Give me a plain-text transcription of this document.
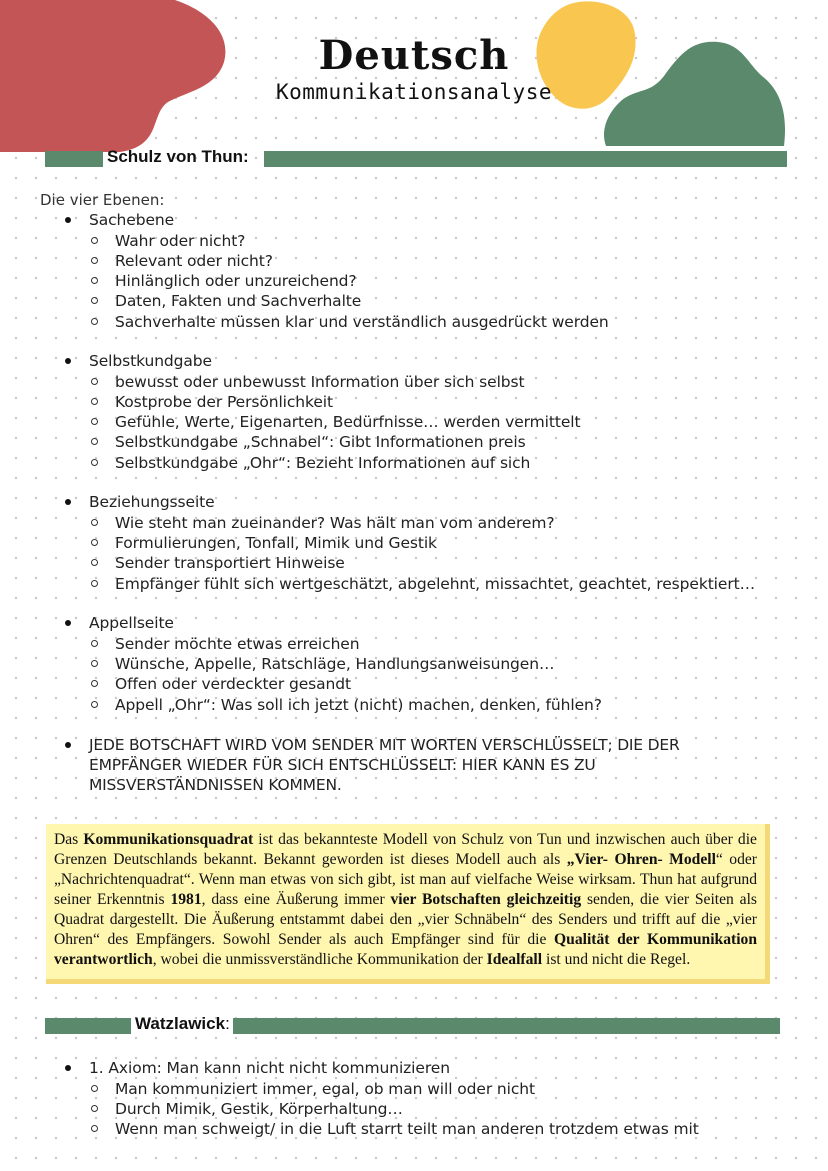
Deutsch
Kommunikationsanalyse
Schulz von Thun:
Die vier Ebenen:
Sachebene
Wahr oder nicht?
Relevant oder nicht?
Hinlänglich oder unzureichend?
Daten, Fakten und Sachverhalte
Sachverhalte müssen klar und verständlich ausgedrückt werden
Selbstkundgabe
bewusst oder unbewusst Information über sich selbst
Kostprobe der Persönlichkeit
Gefühle, Werte, Eigenarten, Bedürfnisse… werden vermittelt
Selbstkundgabe „Schnabel“: Gibt Informationen preis
Selbstkundgabe „Ohr“: Bezieht Informationen auf sich
Beziehungsseite
Wie steht man zueinander? Was hält man vom anderem?
Formulierungen, Tonfall, Mimik und Gestik
Sender transportiert Hinweise
Empfänger fühlt sich wertgeschätzt, abgelehnt, missachtet, geachtet, respektiert…
Appellseite
Sender möchte etwas erreichen
Wünsche, Appelle, Ratschläge, Handlungsanweisungen…
Offen oder verdeckter gesandt
Appell „Ohr“: Was soll ich jetzt (nicht) machen, denken, fühlen?
JEDE BOTSCHAFT WIRD VOM SENDER MIT WORTEN VERSCHLÜSSELT; DIE DER EMPFÄNGER WIEDER FÜR SICH ENTSCHLÜSSELT: HIER KANN ES ZU MISSVERSTÄNDNISSEN KOMMEN.
Das Kommunikationsquadrat ist das bekannteste Modell von Schulz von Tun und inzwischen auch über die Grenzen Deutschlands bekannt. Bekannt geworden ist dieses Modell auch als „Vier- Ohren- Modell“ oder „Nachrichtenquadrat“. Wenn man etwas von sich gibt, ist man auf vielfache Weise wirksam. Thun hat aufgrund seiner Erkenntnis 1981, dass eine Äußerung immer vier Botschaften gleichzeitig senden, die vier Seiten als Quadrat dargestellt. Die Äußerung entstammt dabei den „vier Schnäbeln“ des Senders und trifft auf die „vier Ohren“ des Empfängers. Sowohl Sender als auch Empfänger sind für die Qualität der Kommunikation verantwortlich, wobei die unmissverständliche Kommunikation der Idealfall ist und nicht die Regel.
Watzlawick:
1. Axiom: Man kann nicht nicht kommunizieren
Man kommuniziert immer, egal, ob man will oder nicht
Durch Mimik, Gestik, Körperhaltung…
Wenn man schweigt/ in die Luft starrt teilt man anderen trotzdem etwas mit
